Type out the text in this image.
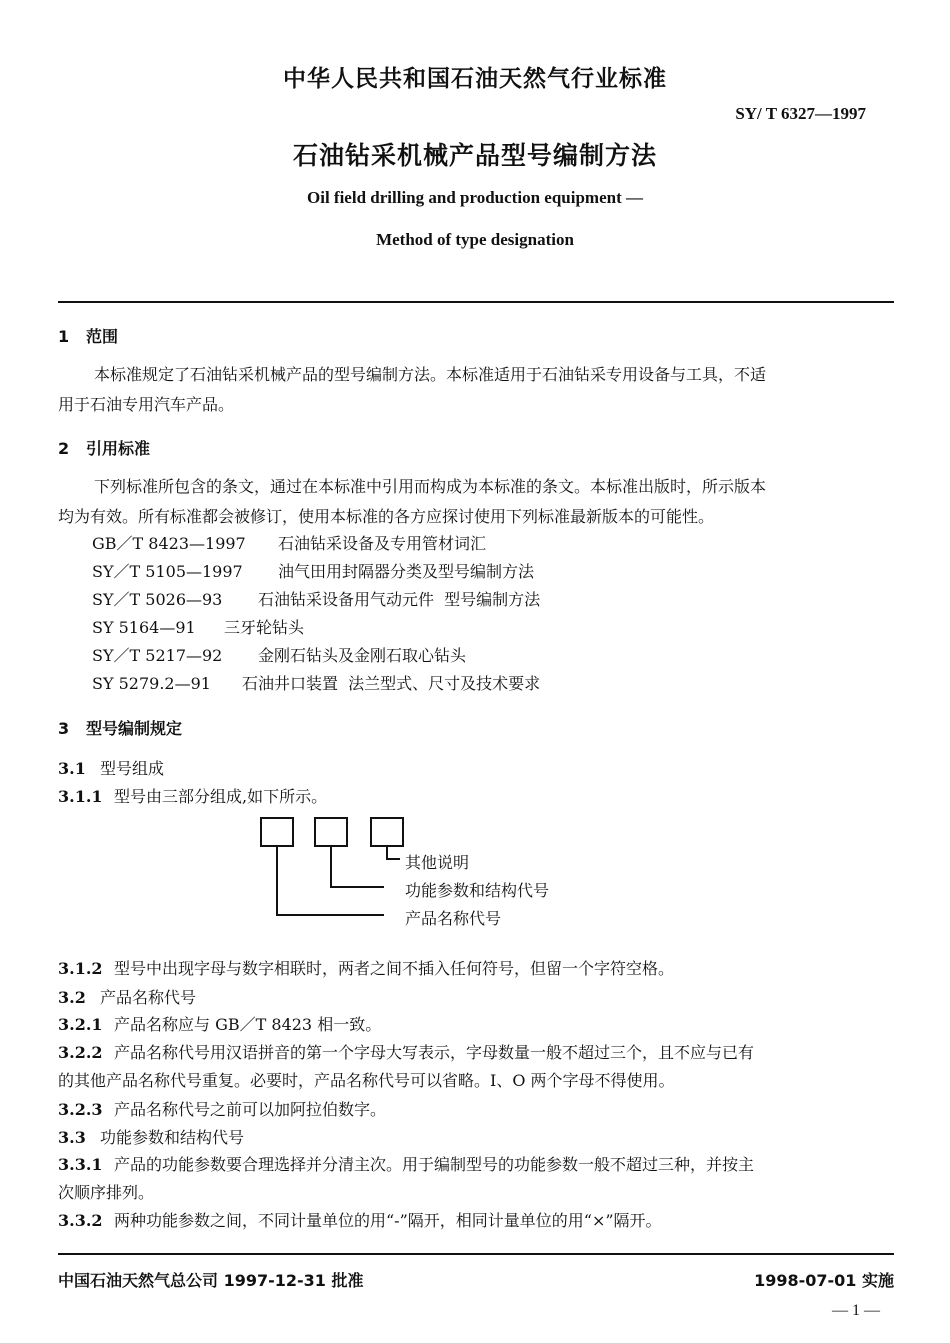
中华人民共和国石油天然气行业标准
SY/ T 6327—1997
石油钻采机械产品型号编制方法
Oil field drilling and production equipment —
Method of type designation
1 范围
本标准规定了石油钻采机械产品的型号编制方法。本标准适用于石油钻采专用设备与工具，不适
用于石油专用汽车产品。
2 引用标准
下列标准所包含的条文，通过在本标准中引用而构成为本标准的条文。本标准出版时，所示版本
均为有效。所有标准都会被修订，使用本标准的各方应探讨使用下列标准最新版本的可能性。
GB／T 8423—1997 石油钻采设备及专用管材词汇
SY／T 5105—1997 油气田用封隔器分类及型号编制方法
SY／T 5026—93 石油钻采设备用气动元件  型号编制方法
SY 5164—91 三牙轮钻头
SY／T 5217—92 金刚石钻头及金刚石取心钻头
SY 5279.2—91 石油井口装置  法兰型式、尺寸及技术要求
3 型号编制规定
3.1 型号组成
3.1.1 型号由三部分组成,如下所示。
其他说明
功能参数和结构代号
产品名称代号
3.1.2 型号中出现字母与数字相联时，两者之间不插入任何符号，但留一个字符空格。
3.2 产品名称代号
3.2.1 产品名称应与 GB／T 8423 相一致。
3.2.2 产品名称代号用汉语拼音的第一个字母大写表示，字母数量一般不超过三个，且不应与已有
的其他产品名称代号重复。必要时，产品名称代号可以省略。I、O 两个字母不得使用。
3.2.3 产品名称代号之前可以加阿拉伯数字。
3.3 功能参数和结构代号
3.3.1 产品的功能参数要合理选择并分清主次。用于编制型号的功能参数一般不超过三种，并按主
次顺序排列。
3.3.2 两种功能参数之间，不同计量单位的用“-”隔开，相同计量单位的用“×”隔开。
中国石油天然气总公司 1997-12-31 批准	1998-07-01 实施
— 1 —
